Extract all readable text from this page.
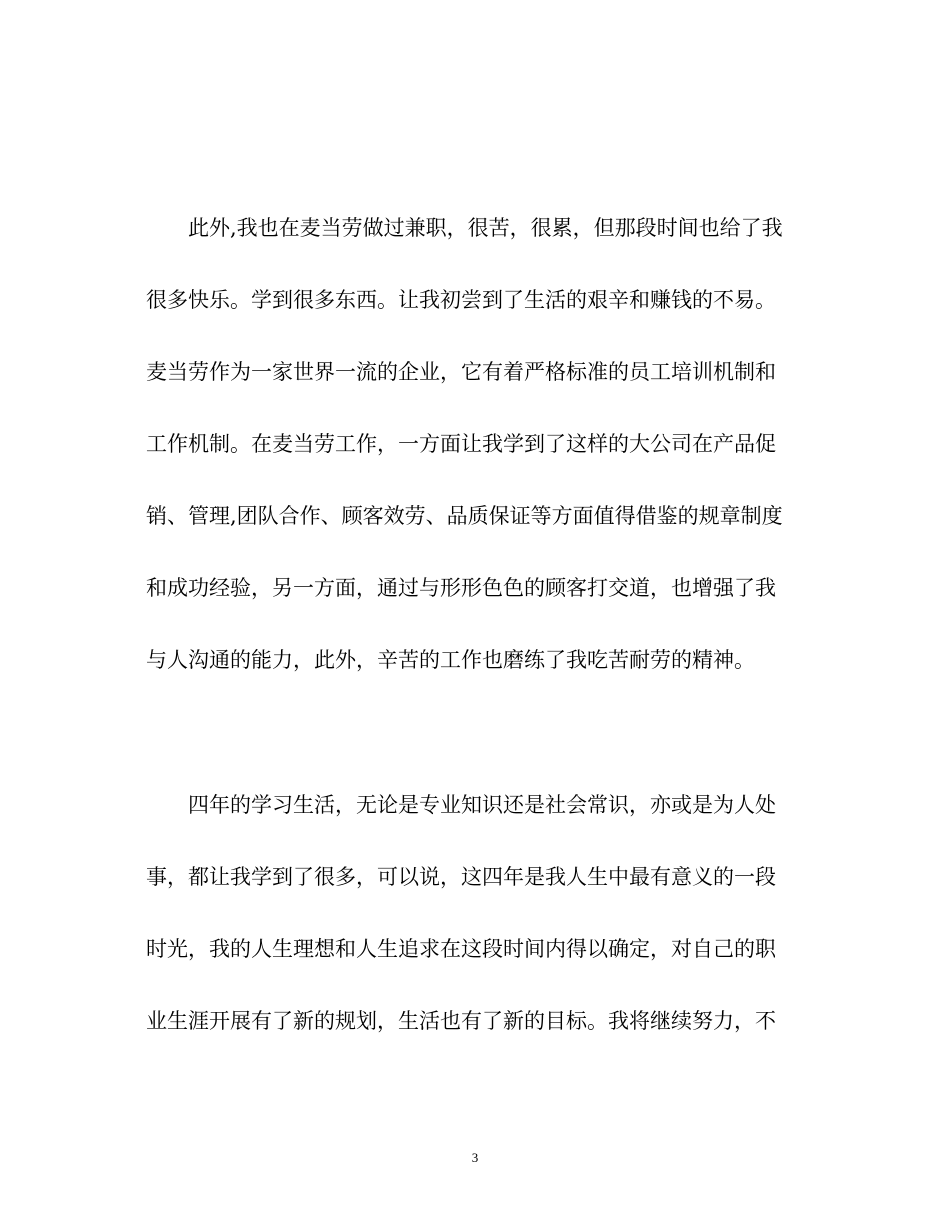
此外,我也在麦当劳做过兼职，很苦，很累，但那段时间也给了我
很多快乐。学到很多东西。让我初尝到了生活的艰辛和赚钱的不易。
麦当劳作为一家世界一流的企业，它有着严格标准的员工培训机制和
工作机制。在麦当劳工作，一方面让我学到了这样的大公司在产品促
销、管理,团队合作、顾客效劳、品质保证等方面值得借鉴的规章制度
和成功经验，另一方面，通过与形形色色的顾客打交道，也增强了我
与人沟通的能力，此外，辛苦的工作也磨练了我吃苦耐劳的精神。
四年的学习生活，无论是专业知识还是社会常识，亦或是为人处
事，都让我学到了很多，可以说，这四年是我人生中最有意义的一段
时光，我的人生理想和人生追求在这段时间内得以确定，对自己的职
业生涯开展有了新的规划，生活也有了新的目标。我将继续努力，不
3
